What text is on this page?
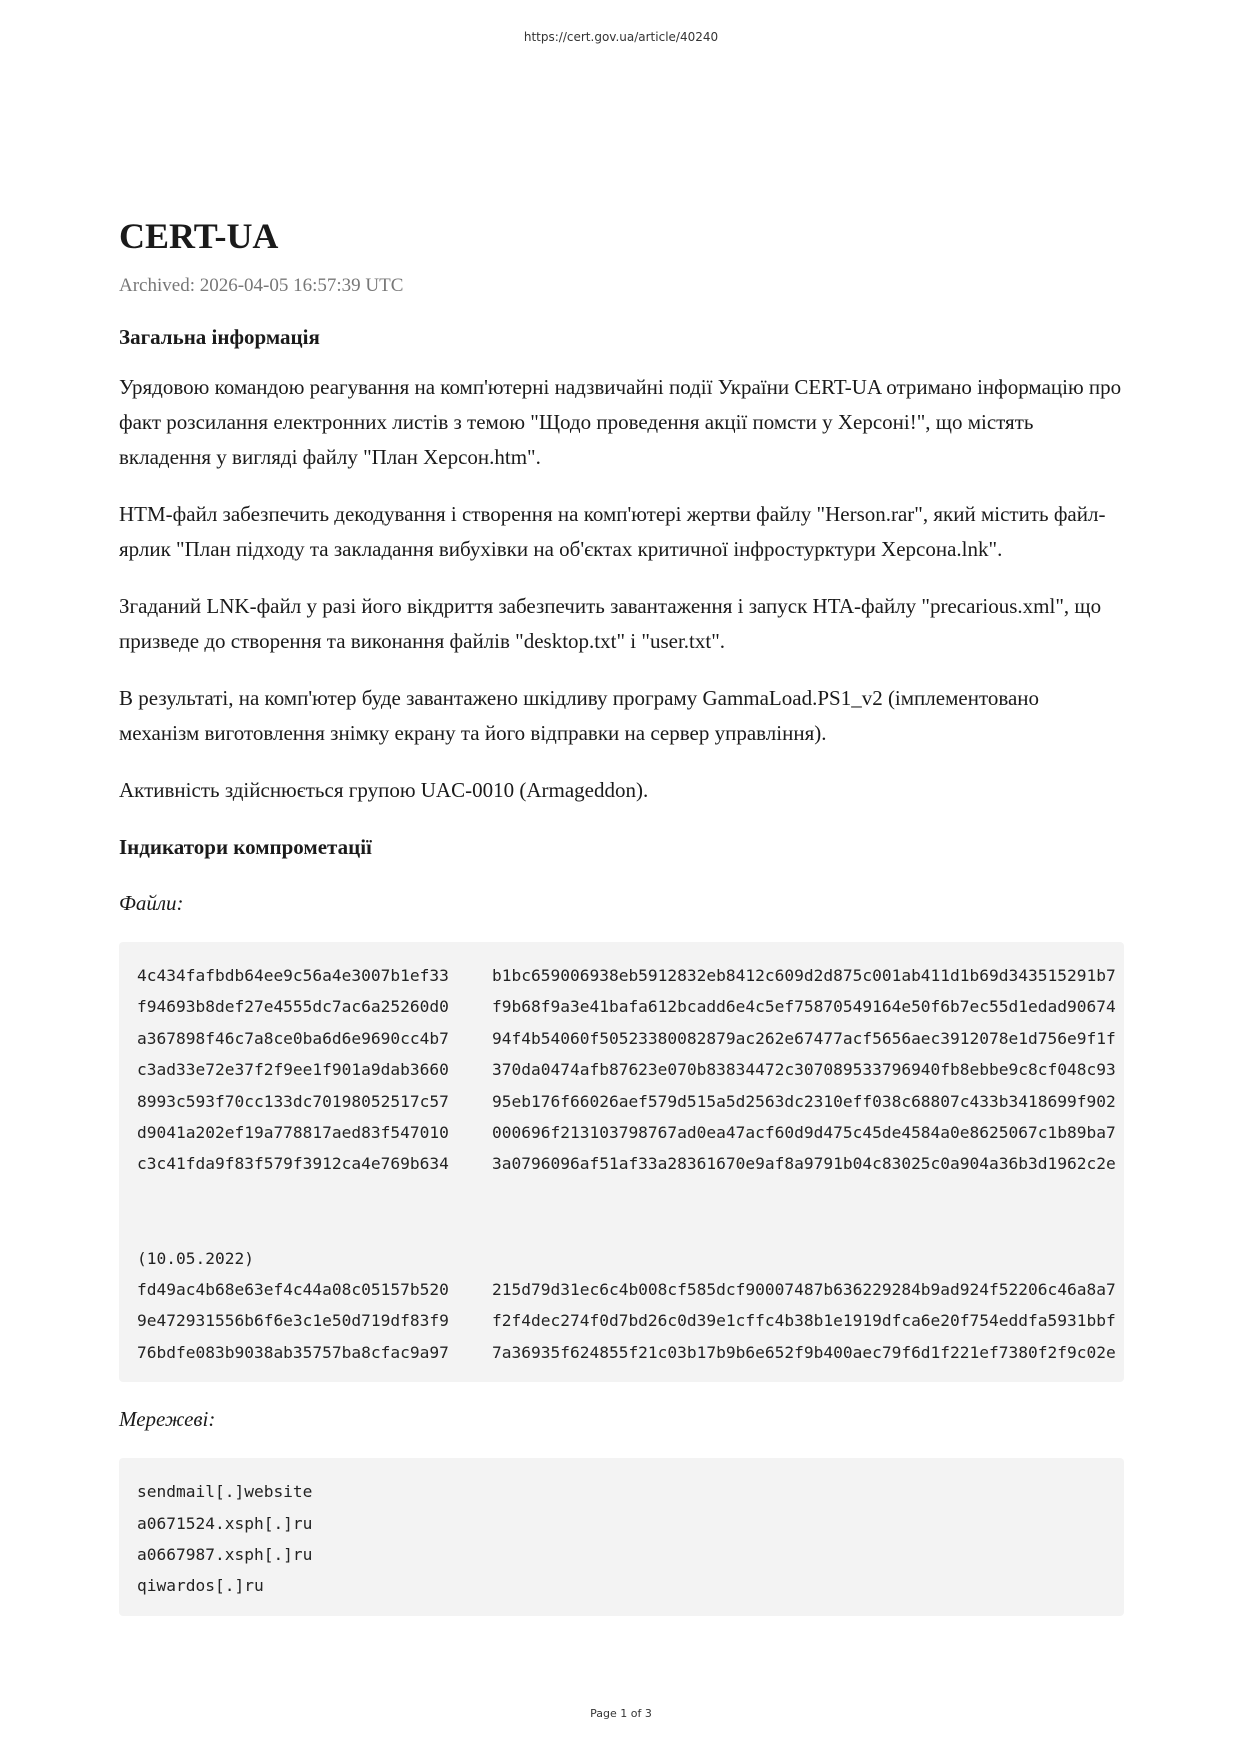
https://cert.gov.ua/article/40240
CERT-UA
Archived: 2026-04-05 16:57:39 UTC
Загальна інформація

Урядовою командою реагування на комп'ютерні надзвичайні події України CERT-UA отримано інформацію про факт розсилання електронних листів з темою "Щодо проведення акції помсти у Херсоні!", що містять вкладення у вигляді файлу "План Херсон.htm".

HTM-файл забезпечить декодування і створення на комп'ютері жертви файлу "Herson.rar", який містить файл-ярлик "План підходу та закладання вибухівки на об'єктах критичної інфростурктури Херсона.lnk".

Згаданий LNK-файл у разі його вікдриття забезпечить завантаження і запуск HTA-файлу "precarious.xml", що призведе до створення та виконання файлів "desktop.txt" і "user.txt".

В результаті, на комп'ютер буде завантажено шкідливу програму GammaLoad.PS1_v2 (імплементовано механізм виготовлення знімку екрану та його відправки на сервер управління).

Активність здійснюється групою UAC-0010 (Armageddon).

Індикатори компрометації
Файли:
4c434fafbdb64ee9c56a4e3007b1ef33	b1bc659006938eb5912832eb8412c609d2d875c001ab411d1b69d343515291b7
f94693b8def27e4555dc7ac6a25260d0	f9b68f9a3e41bafa612bcadd6e4c5ef75870549164e50f6b7ec55d1edad90674
a367898f46c7a8ce0ba6d6e9690cc4b7	94f4b54060f50523380082879ac262e67477acf5656aec3912078e1d756e9f1f
c3ad33e72e37f2f9ee1f901a9dab3660	370da0474afb87623e070b83834472c307089533796940fb8ebbe9c8cf048c93
8993c593f70cc133dc70198052517c57	95eb176f66026aef579d515a5d2563dc2310eff038c68807c433b3418699f902
d9041a202ef19a778817aed83f547010	000696f213103798767ad0ea47acf60d9d475c45de4584a0e8625067c1b89ba7
c3c41fda9f83f579f3912ca4e769b634	3a0796096af51af33a28361670e9af8a9791b04c83025c0a904a36b3d1962c2e
(10.05.2022)
fd49ac4b68e63ef4c44a08c05157b520	215d79d31ec6c4b008cf585dcf90007487b636229284b9ad924f52206c46a8a7
9e472931556b6f6e3c1e50d719df83f9	f2f4dec274f0d7bd26c0d39e1cffc4b38b1e1919dfca6e20f754eddfa5931bbf
76bdfe083b9038ab35757ba8cfac9a97	7a36935f624855f21c03b17b9b6e652f9b400aec79f6d1f221ef7380f2f9c02e
Мережеві:
sendmail[.]website
a0671524.xsph[.]ru
a0667987.xsph[.]ru
qiwardos[.]ru
Page 1 of 3
